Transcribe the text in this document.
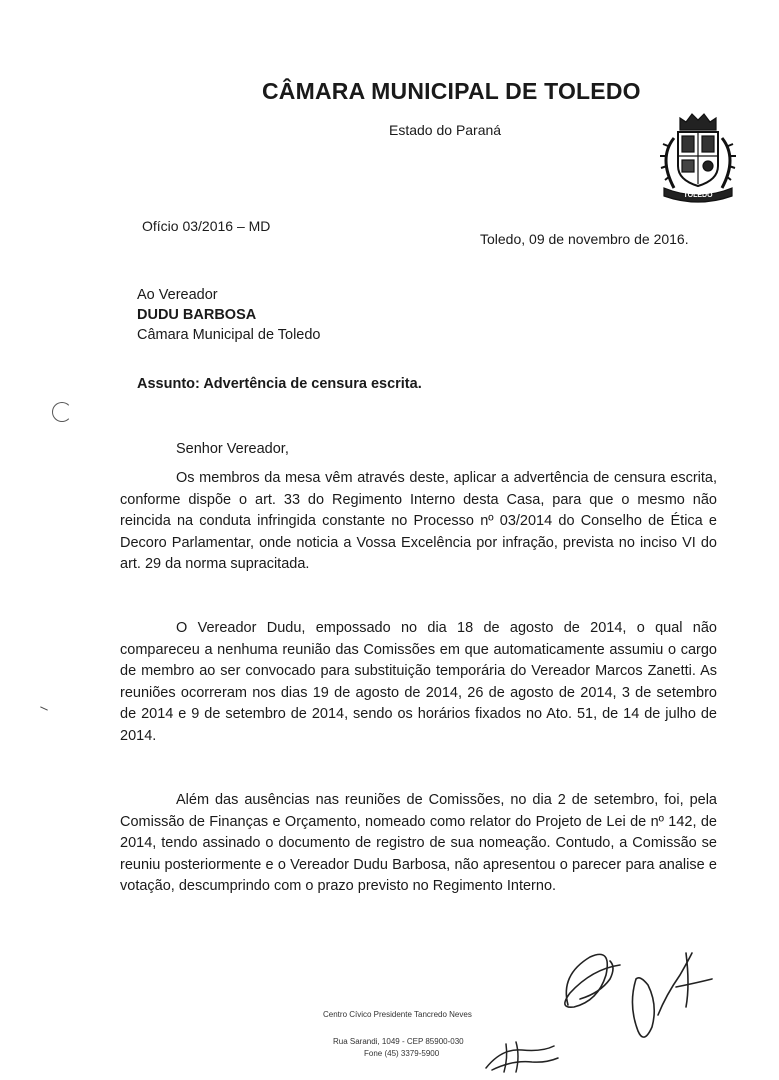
CÂMARA MUNICIPAL DE TOLEDO
Estado do Paraná
TOLEDO
Ofício 03/2016 – MD
Toledo, 09 de novembro de 2016.
Ao Vereador
DUDU BARBOSA
Câmara Municipal de Toledo
Assunto: Advertência de censura escrita.
Senhor Vereador,

Os membros da mesa vêm através deste, aplicar a advertência de censura escrita, conforme dispõe o art. 33 do Regimento Interno desta Casa, para que o mesmo não reincida na conduta infringida constante no Processo nº 03/2014 do Conselho de Ética e Decoro Parlamentar, onde noticia a Vossa Excelência por infração, prevista no inciso VI do art. 29 da norma supracitada.

O Vereador Dudu, empossado no dia 18 de agosto de 2014, o qual não compareceu a nenhuma reunião das Comissões em que automaticamente assumiu o cargo de membro ao ser convocado para substituição temporária do Vereador Marcos Zanetti. As reuniões ocorreram nos dias 19 de agosto de 2014, 26 de agosto de 2014, 3 de setembro de 2014 e 9 de setembro de 2014, sendo os horários fixados no Ato. 51, de 14 de julho de 2014.

Além das ausências nas reuniões de Comissões, no dia 2 de setembro, foi, pela Comissão de Finanças e Orçamento, nomeado como relator do Projeto de Lei de nº 142, de 2014, tendo assinado o documento de registro de sua nomeação. Contudo, a Comissão se reuniu posteriormente e o Vereador Dudu Barbosa, não apresentou o parecer para analise e votação, descumprindo com o prazo previsto no Regimento Interno.

Centro Cívico Presidente Tancredo Neves
Rua Sarandi, 1049 - CEP 85900-030
Fone (45) 3379-5900
